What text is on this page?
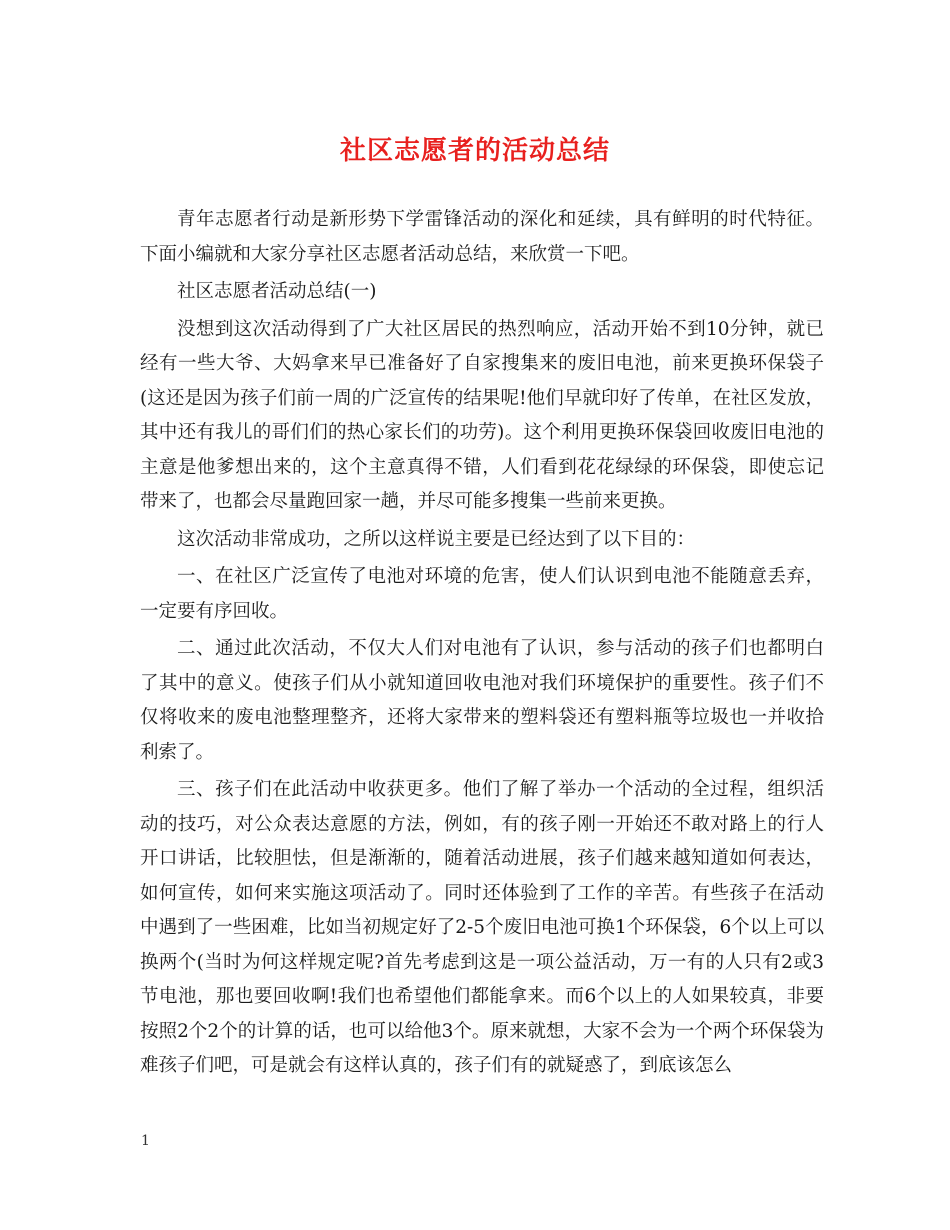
社区志愿者的活动总结

青年志愿者行动是新形势下学雷锋活动的深化和延续，具有鲜明的时代特征。下面小编就和大家分享社区志愿者活动总结，来欣赏一下吧。

社区志愿者活动总结(一)

没想到这次活动得到了广大社区居民的热烈响应，活动开始不到10分钟，就已经有一些大爷、大妈拿来早已准备好了自家搜集来的废旧电池，前来更换环保袋子(这还是因为孩子们前一周的广泛宣传的结果呢!他们早就印好了传单，在社区发放，其中还有我儿的哥们们的热心家长们的功劳)。这个利用更换环保袋回收废旧电池的主意是他爹想出来的，这个主意真得不错，人们看到花花绿绿的环保袋，即使忘记带来了，也都会尽量跑回家一趟，并尽可能多搜集一些前来更换。

这次活动非常成功，之所以这样说主要是已经达到了以下目的：

一、在社区广泛宣传了电池对环境的危害，使人们认识到电池不能随意丢弃，一定要有序回收。

二、通过此次活动，不仅大人们对电池有了认识，参与活动的孩子们也都明白了其中的意义。使孩子们从小就知道回收电池对我们环境保护的重要性。孩子们不仅将收来的废电池整理整齐，还将大家带来的塑料袋还有塑料瓶等垃圾也一并收拾利索了。

三、孩子们在此活动中收获更多。他们了解了举办一个活动的全过程，组织活动的技巧，对公众表达意愿的方法，例如，有的孩子刚一开始还不敢对路上的行人开口讲话，比较胆怯，但是渐渐的，随着活动进展，孩子们越来越知道如何表达，如何宣传，如何来实施这项活动了。同时还体验到了工作的辛苦。有些孩子在活动中遇到了一些困难，比如当初规定好了2-5个废旧电池可换1个环保袋，6个以上可以换两个(当时为何这样规定呢?首先考虑到这是一项公益活动，万一有的人只有2或3节电池，那也要回收啊!我们也希望他们都能拿来。而6个以上的人如果较真，非要按照2个2个的计算的话，也可以给他3个。原来就想，大家不会为一个两个环保袋为难孩子们吧，可是就会有这样认真的，孩子们有的就疑惑了，到底该怎么

1
